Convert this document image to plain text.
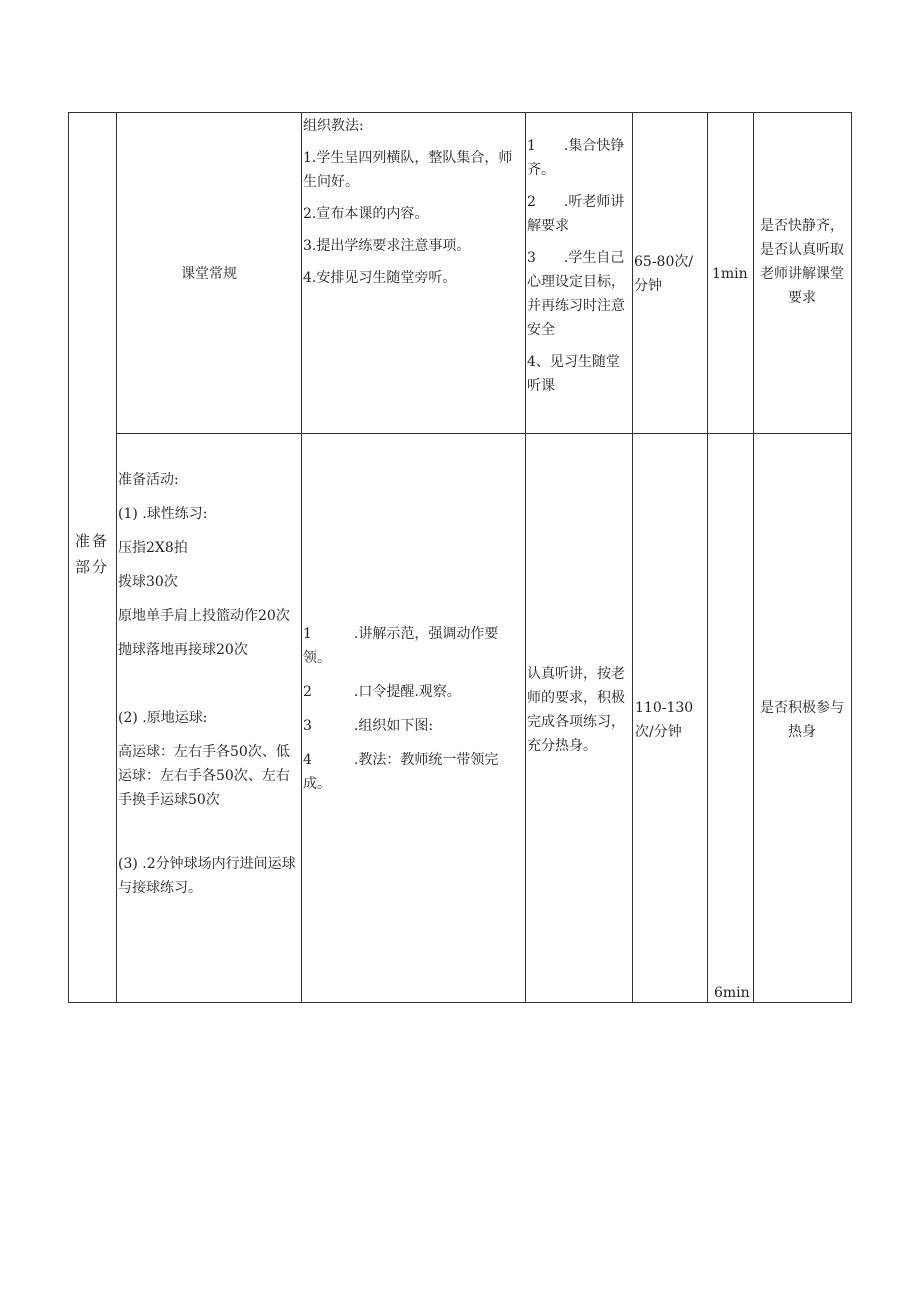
准备部分
课堂常规

组织教法:

1.学生呈四列横队，整队集合，师生问好。

2.宣布本课的内容。

3.提出学练要求注意事项。

4.安排见习生随堂旁听。

1　　.集合快铮齐。

2　　.听老师讲解要求

3　　.学生自己心理设定目标，并再练习时注意安全

4、见习生随堂听课

65-80次/分钟
1min
是否快静齐，是否认真听取老师讲解课堂要求

准备活动:

(1) .球性练习:

压指2X8拍

拨球30次

原地单手肩上投篮动作20次

抛球落地再接球20次

(2) .原地运球:

高运球：左右手各50次、低运球：左右手各50次、左右手换手运球50次

(3) .2分钟球场内行进间运球与接球练习。

1　　　.讲解示范，强调动作要领。

2　　　.口令提醒.观察。

3　　　.组织如下图:

4　　　.教法：教师统一带领完成。

认真听讲，按老师的要求，积极完成各项练习，充分热身。
110-130次/分钟
6min
是否积极参与热身
